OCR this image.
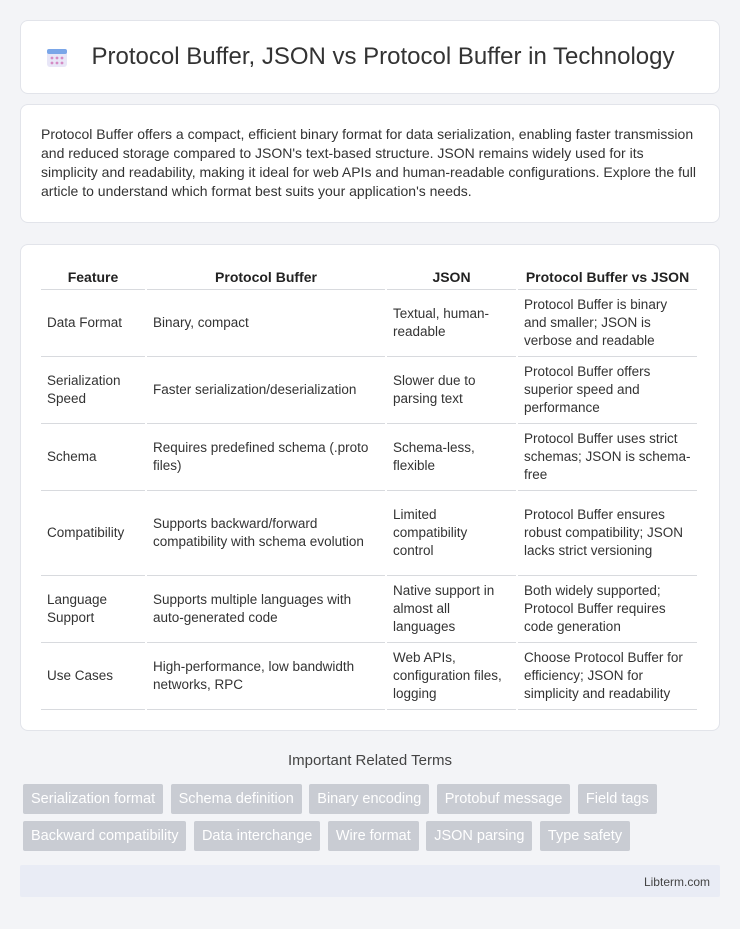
Protocol Buffer, JSON vs Protocol Buffer in Technology

Protocol Buffer offers a compact, efficient binary format for data serialization, enabling faster transmission and reduced storage compared to JSON's text-based structure. JSON remains widely used for its simplicity and readability, making it ideal for web APIs and human-readable configurations. Explore the full article to understand which format best suits your application's needs.

Feature	Protocol Buffer	JSON	Protocol Buffer vs JSON
Data Format	Binary, compact	Textual, human-readable	Protocol Buffer is binary and smaller; JSON is verbose and readable
Serialization Speed	Faster serialization/deserialization	Slower due to parsing text	Protocol Buffer offers superior speed and performance
Schema	Requires predefined schema (.proto files)	Schema-less, flexible	Protocol Buffer uses strict schemas; JSON is schema-free
Compatibility	Supports backward/forward compatibility with schema evolution	Limited compatibility control	Protocol Buffer ensures robust compatibility; JSON lacks strict versioning
Language Support	Supports multiple languages with auto-generated code	Native support in almost all languages	Both widely supported; Protocol Buffer requires code generation
Use Cases	High-performance, low bandwidth networks, RPC	Web APIs, configuration files, logging	Choose Protocol Buffer for efficiency; JSON for simplicity and readability
Important Related Terms
Serialization format Schema definition Binary encoding Protobuf message Field tags Backward compatibility Data interchange Wire format JSON parsing Type safety
Libterm.com
